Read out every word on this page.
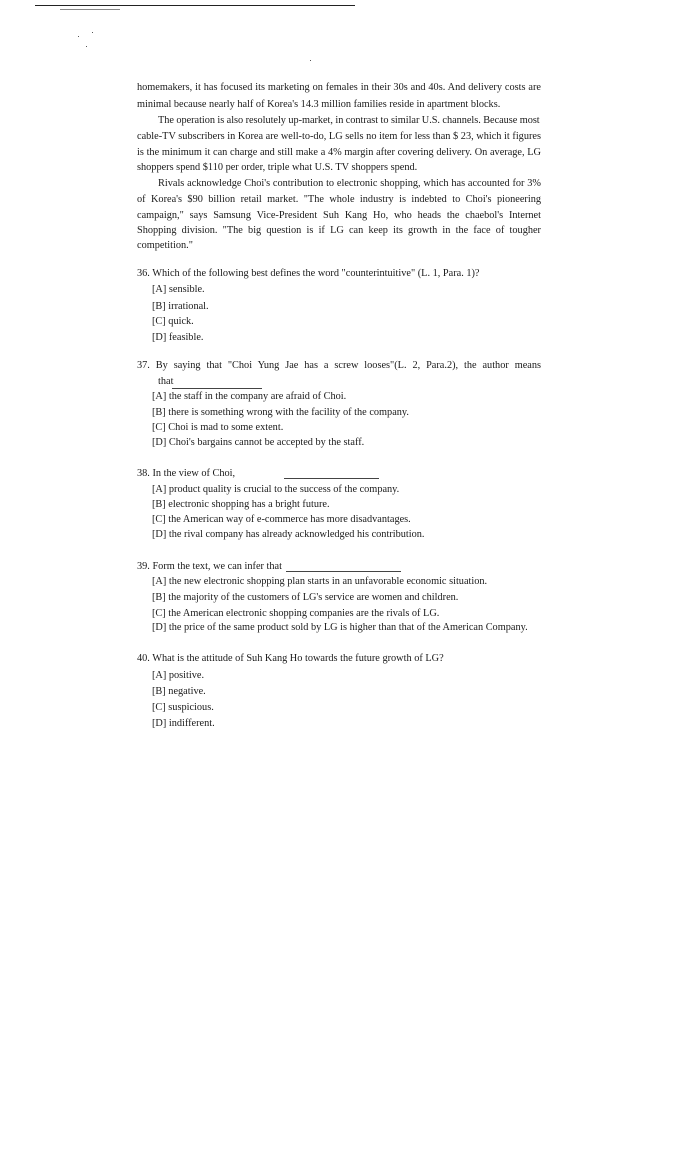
homemakers, it has focused its marketing on females in their 30s and 40s. And delivery costs are
minimal because nearly half of Korea's 14.3 million families reside in apartment blocks.
The operation is also resolutely up-market, in contrast to similar U.S. channels. Because most
cable-TV subscribers in Korea are well-to-do, LG sells no item for less than $ 23, which it figures
is the minimum it can charge and still make a 4% margin after covering delivery. On average, LG
shoppers spend $110 per order, triple what U.S. TV shoppers spend.
Rivals acknowledge Choi's contribution to electronic shopping, which has accounted for 3%
of Korea's $90 billion retail market. "The whole industry is indebted to Choi's pioneering
campaign," says Samsung Vice-President Suh Kang Ho, who heads the chaebol's Internet
Shopping division. "The big question is if LG can keep its growth in the face of tougher
competition."
36. Which of the following best defines the word "counterintuitive" (L. 1, Para. 1)?
[A] sensible.
[B] irrational.
[C] quick.
[D] feasible.
37. By saying that "Choi Yung Jae has a screw looses"(L. 2, Para.2), the author means
that
[A] the staff in the company are afraid of Choi.
[B] there is something wrong with the facility of the company.
[C] Choi is mad to some extent.
[D] Choi's bargains cannot be accepted by the staff.
38. In the view of Choi,
[A] product quality is crucial to the success of the company.
[B] electronic shopping has a bright future.
[C] the American way of e-commerce has more disadvantages.
[D] the rival company has already acknowledged his contribution.
39. Form the text, we can infer that
[A] the new electronic shopping plan starts in an unfavorable economic situation.
[B] the majority of the customers of LG's service are women and children.
[C] the American electronic shopping companies are the rivals of LG.
[D] the price of the same product sold by LG is higher than that of the American Company.
40. What is the attitude of Suh Kang Ho towards the future growth of LG?
[A] positive.
[B] negative.
[C] suspicious.
[D] indifferent.
